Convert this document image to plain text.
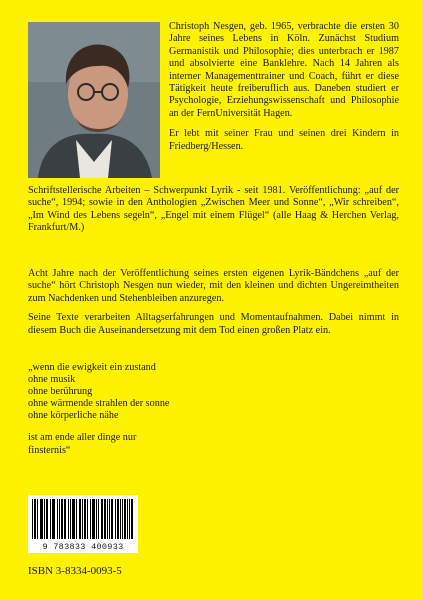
Christoph Nesgen, geb. 1965, verbrachte die ersten 30 Jahre seines Lebens in Köln. Zunächst Studium Germanistik und Philosophie; dies unterbrach er 1987 und absolvierte eine Banklehre. Nach 14 Jahren als interner Managementtrainer und Coach, führt er diese Tätigkeit heute freiberuflich aus. Daneben studiert er Psychologie, Erziehungswissenschaft und Philosophie an der FernUniversität Hagen.

Er lebt mit seiner Frau und seinen drei Kindern in Friedberg/Hessen.

Schriftstellerische Arbeiten – Schwerpunkt Lyrik - seit 1981. Veröffentlichung: „auf der suche“, 1994; sowie in den Anthologien „Zwischen Meer und Sonne“, „Wir schreiben“, „Im Wind des Lebens segeln“, „Engel mit einem Flügel“ (alle Haag & Herchen Verlag, Frankfurt/M.)

Acht Jahre nach der Veröffentlichung seines ersten eigenen Lyrik-Bändchens „auf der suche“ hört Christoph Nesgen nun wieder, mit den kleinen und dichten Ungereimtheiten zum Nachdenken und Stehenbleiben anzuregen.

Seine Texte verarbeiten Alltagserfahrungen und Momentaufnahmen. Dabei nimmt in diesem Buch die Auseinandersetzung mit dem Tod einen großen Platz ein.

„wenn die ewigkeit ein zustand
ohne musik
ohne berührung
ohne wärmende strahlen der sonne
ohne körperliche nähe
ist am ende aller dinge nur
finsternis“
9 783833 400933
ISBN 3-8334-0093-5
